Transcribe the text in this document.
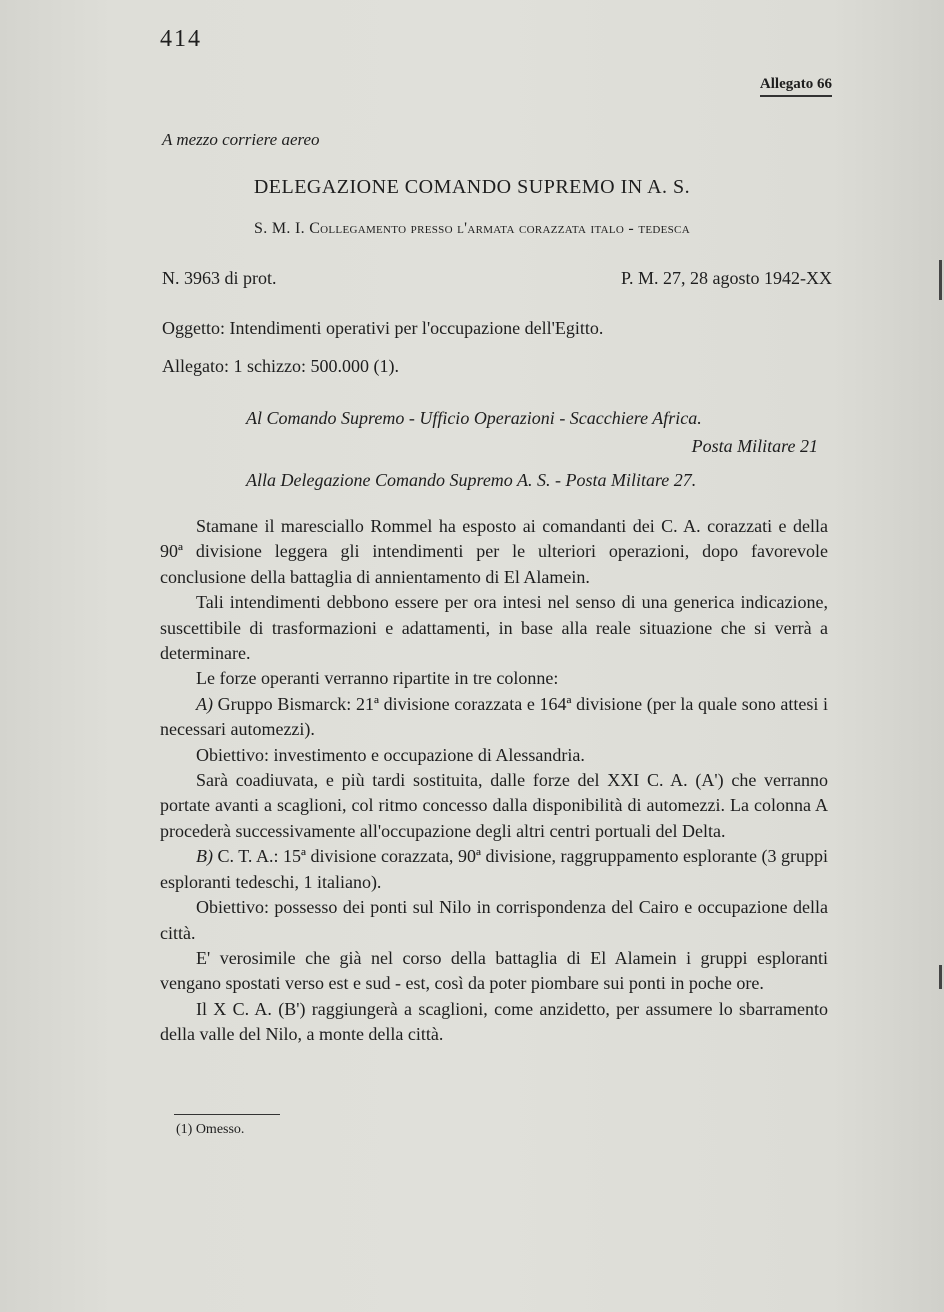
414
Allegato 66
A mezzo corriere aereo
DELEGAZIONE COMANDO SUPREMO IN A. S.
S. M. I. Collegamento presso l'armata corazzata italo - tedesca
N. 3963 di prot.	P. M. 27, 28 agosto 1942-XX
Oggetto: Intendimenti operativi per l'occupazione dell'Egitto.
Allegato: 1 schizzo: 500.000 (1).
Al Comando Supremo - Ufficio Operazioni - Scacchiere Africa.
Posta Militare 21
Alla Delegazione Comando Supremo A. S. - Posta Militare 27.

Stamane il maresciallo Rommel ha esposto ai comandanti dei C. A. corazzati e della 90ª divisione leggera gli intendimenti per le ulteriori operazioni, dopo favorevole conclusione della battaglia di annientamento di El Alamein.

Tali intendimenti debbono essere per ora intesi nel senso di una generica indicazione, suscettibile di trasformazioni e adattamenti, in base alla reale situazione che si verrà a determinare.

Le forze operanti verranno ripartite in tre colonne:

A) Gruppo Bismarck: 21ª divisione corazzata e 164ª divisione (per la quale sono attesi i necessari automezzi).

Obiettivo: investimento e occupazione di Alessandria.

Sarà coadiuvata, e più tardi sostituita, dalle forze del XXI C. A. (A') che verranno portate avanti a scaglioni, col ritmo concesso dalla disponibilità di automezzi. La colonna A procederà successivamente all'occupazione degli altri centri portuali del Delta.

B) C. T. A.: 15ª divisione corazzata, 90ª divisione, raggruppamento esplorante (3 gruppi esploranti tedeschi, 1 italiano).

Obiettivo: possesso dei ponti sul Nilo in corrispondenza del Cairo e occupazione della città.

E' verosimile che già nel corso della battaglia di El Alamein i gruppi esploranti vengano spostati verso est e sud - est, così da poter piombare sui ponti in poche ore.

Il X C. A. (B') raggiungerà a scaglioni, come anzidetto, per assumere lo sbarramento della valle del Nilo, a monte della città.

(1) Omesso.
